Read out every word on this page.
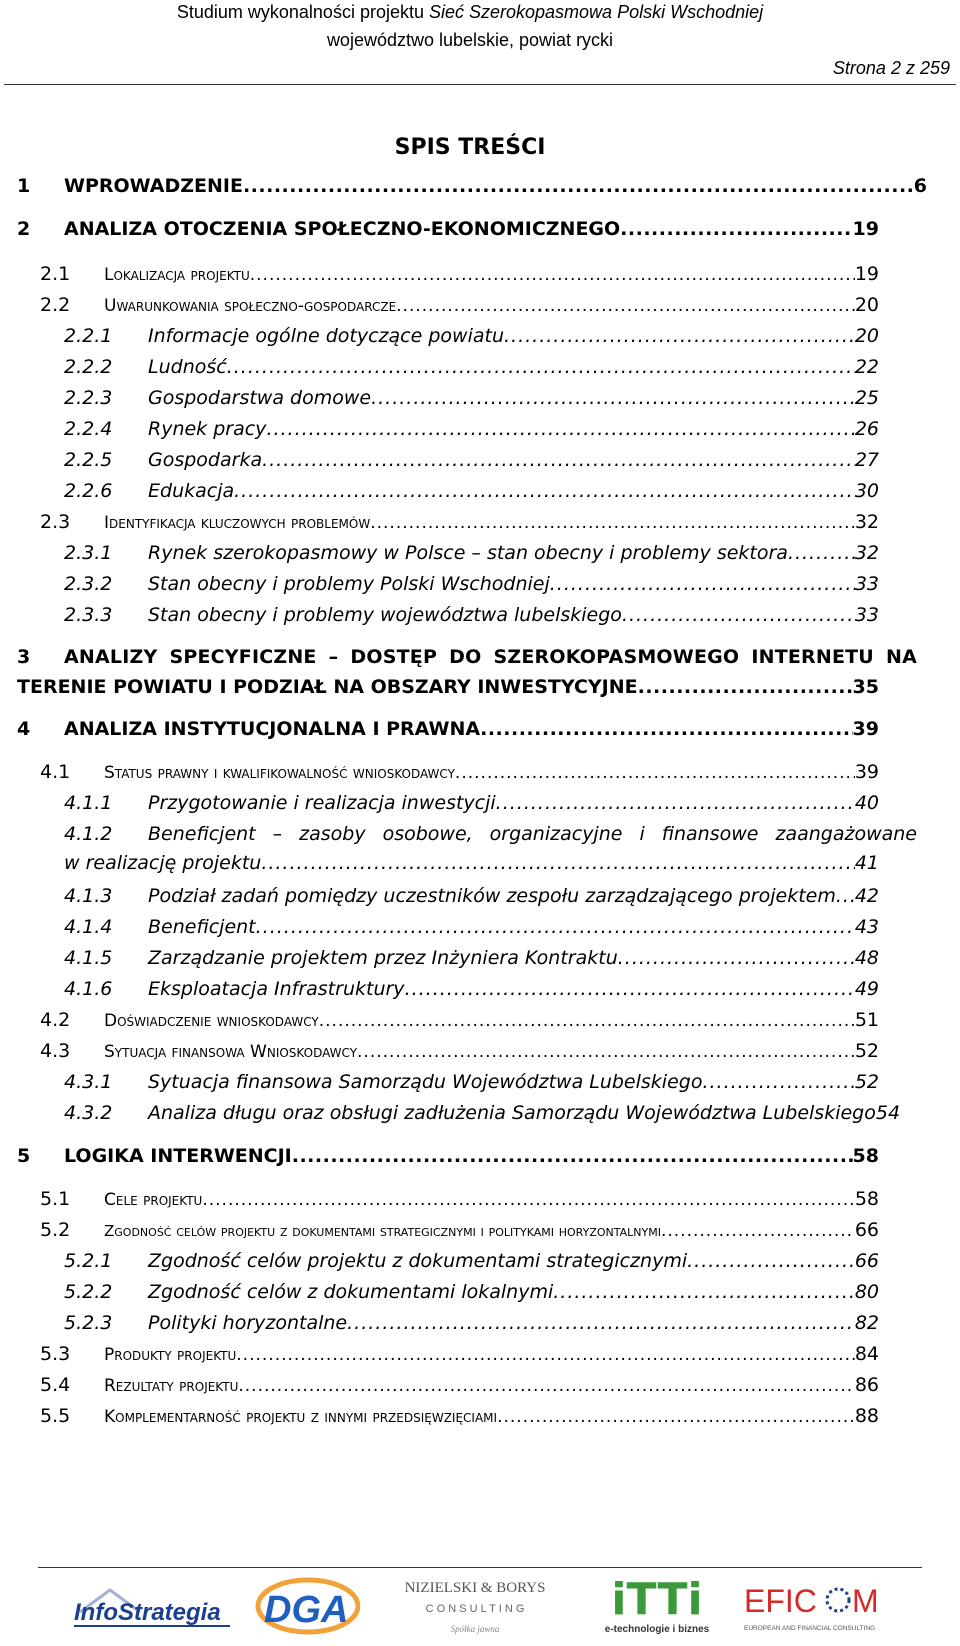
Studium wykonalności projektu Sieć Szerokopasmowa Polski Wschodniej
województwo lubelskie, powiat rycki
Strona 2 z 259
SPIS TREŚCI
1	WPROWADZENIE .....	6
2	ANALIZA OTOCZENIA SPOŁECZNO-EKONOMICZNEGO .....	19
2.1	Lokalizacja projektu .....	19
2.2	Uwarunkowania społeczno-gospodarcze .....	20
2.2.1	Informacje ogólne dotyczące powiatu .....	20
2.2.2	Ludność .....	22
2.2.3	Gospodarstwa domowe .....	25
2.2.4	Rynek pracy .....	26
2.2.5	Gospodarka .....	27
2.2.6	Edukacja .....	30
2.3	Identyfikacja kluczowych problemów .....	32
2.3.1	Rynek szerokopasmowy w Polsce – stan obecny i problemy sektora .....	32
2.3.2	Stan obecny i problemy Polski Wschodniej .....	33
2.3.3	Stan obecny i problemy województwa lubelskiego .....	33
3	ANALIZY SPECYFICZNE – DOSTĘP DO SZEROKOPASMOWEGO INTERNETU NA
TERENIE POWIATU I PODZIAŁ NA OBSZARY INWESTYCYJNE .....	35
4	ANALIZA INSTYTUCJONALNA I PRAWNA .....	39
4.1	Status prawny i kwalifikowalność wnioskodawcy .....	39
4.1.1	Przygotowanie i realizacja inwestycji .....	40
4.1.2	Beneficjent – zasoby osobowe, organizacyjne i finansowe zaangażowane
w realizację projektu .....	41
4.1.3	Podział zadań pomiędzy uczestników zespołu zarządzającego projektem ..... 42
4.1.4	Beneficjent .....	43
4.1.5	Zarządzanie projektem przez Inżyniera Kontraktu .....	48
4.1.6	Eksploatacja Infrastruktury .....	49
4.2	Doświadczenie wnioskodawcy .....	51
4.3	Sytuacja finansowa Wnioskodawcy .....	52
4.3.1	Sytuacja finansowa Samorządu Województwa Lubelskiego .....	52
4.3.2	Analiza długu oraz obsługi zadłużenia Samorządu Województwa Lubelskiego 54
5	LOGIKA INTERWENCJI .....	58
5.1	Cele projektu .....	58
5.2	Zgodność celów projektu z dokumentami strategicznymi i politykami horyzontalnymi .....	66
5.2.1	Zgodność celów projektu z dokumentami strategicznymi .....	66
5.2.2	Zgodność celów z dokumentami lokalnymi .....	80
5.2.3	Polityki horyzontalne .....	82
5.3	Produkty projektu .....	84
5.4	Rezultaty projektu .....	86
5.5	Komplementarność projektu z innymi przedsięwzięciami .....	88
InfoStrategia DGA
NIZIELSKI & BORYS
C O N S U L T I N G
Spółka jawna
iTTi
e-technologie i biznes
EFIC M
EUROPEAN AND FINANCIAL CONSULTING
